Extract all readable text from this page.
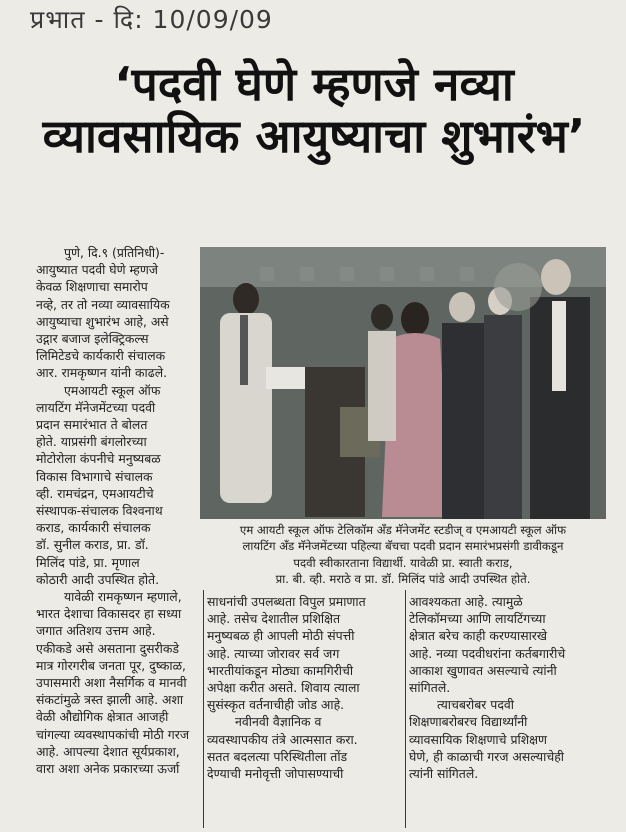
प्रभात - दि: 10/09/09
‘पदवी घेणे म्हणजे नव्या
व्यावसायिक आयुष्याचा शुभारंभ’

पुणे, दि.९ (प्रतिनिधी)-

आयुष्यात पदवी घेणे म्हणजे

केवळ शिक्षणाचा समारोप

नव्हे, तर तो नव्या व्यावसायिक

आयुष्याचा शुभारंभ आहे, असे

उद्गार बजाज इलेक्ट्रिकल्स

लिमिटेडचे कार्यकारी संचालक

आर. रामकृष्णन यांनी काढले.

एमआयटी स्कूल ऑफ

लायटिंग मॅनेजमेंटच्या पदवी

प्रदान समारंभात ते बोलत

होते. याप्रसंगी बंगलोरच्या

मोटोरोला कंपनीचे मनुष्यबळ

विकास विभागाचे संचालक

व्ही. रामचंद्रन, एमआयटीचे

संस्थापक-संचालक विश्वनाथ

कराड, कार्यकारी संचालक

डॉ. सुनील कराड, प्रा. डॉ.

मिलिंद पांडे, प्रा. मृणाल

कोठारी आदी उपस्थित होते.

यावेळी रामकृष्णन म्हणाले,

भारत देशाचा विकासदर हा सध्या

जगात अतिशय उत्तम आहे.

एकीकडे असे असताना दुसरीकडे

मात्र गोरगरीब जनता पूर, दुष्काळ,

उपासमारी अशा नैसर्गिक व मानवी

संकटांमुळे त्रस्त झाली आहे. अशा

वेळी औद्योगिक क्षेत्रात आजही

चांगल्या व्यवस्थापकांची मोठी गरज

आहे. आपल्या देशात सूर्यप्रकाश,

वारा अशा अनेक प्रकारच्या ऊर्जा

एम आयटी स्कूल ऑफ टेलिकॉम अँड मॅनेजमेंट स्टडीज् व एमआयटी स्कूल ऑफ

लायटिंग अँड मॅनेजमेंटच्या पहिल्या बॅचचा पदवी प्रदान समारंभप्रसंगी डावीकडून

पदवी स्वीकारताना विद्यार्थी. यावेळी प्रा. स्वाती कराड,

प्रा. बी. व्ही. मराठे व प्रा. डॉ. मिलिंद पांडे आदी उपस्थित होते.

साधनांची उपलब्धता विपुल प्रमाणात

आहे. तसेच देशातील प्रशिक्षित

मनुष्यबळ ही आपली मोठी संपत्ती

आहे. त्याच्या जोरावर सर्व जग

भारतीयांकडून मोठ्या कामगिरीची

अपेक्षा करीत असते. शिवाय त्याला

सुसंस्कृत वर्तनाचीही जोड आहे.

नवीनवी वैज्ञानिक व

व्यवस्थापकीय तंत्रे आत्मसात करा.

सतत बदलत्या परिस्थितीला तोंड

देण्याची मनोवृत्ती जोपासण्याची

आवश्यकता आहे. त्यामुळे

टेलिकॉमच्या आणि लायटिंगच्या

क्षेत्रात बरेच काही करण्यासारखे

आहे. नव्या पदवीधरांना कर्तबगारीचे

आकाश खुणावत असल्याचे त्यांनी

सांगितले.

त्याचबरोबर पदवी

शिक्षणाबरोबरच विद्यार्थ्यांनी

व्यावसायिक शिक्षणाचे प्रशिक्षण

घेणे, ही काळाची गरज असल्याचेही

त्यांनी सांगितले.
